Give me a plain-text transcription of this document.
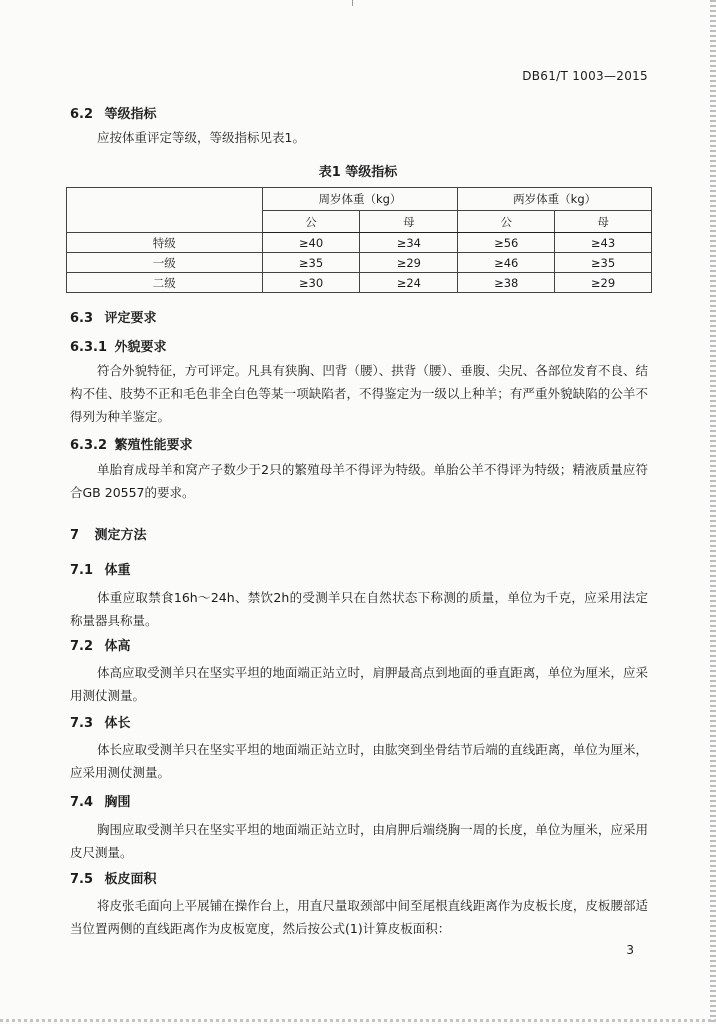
DB61/T 1003—2015
6.2 等级指标
应按体重评定等级，等级指标见表1。
表1 等级指标
	周岁体重（kg）		两岁体重（kg）	
	公	母	公	母
特级	≥40	≥34	≥56	≥43
一级	≥35	≥29	≥46	≥35
二级	≥30	≥24	≥38	≥29
6.3 评定要求
6.3.1 外貌要求
符合外貌特征，方可评定。凡具有狭胸、凹背（腰）、拱背（腰）、垂腹、尖尻、各部位发育不良、结构不佳、肢势不正和毛色非全白色等某一项缺陷者，不得鉴定为一级以上种羊；有严重外貌缺陷的公羊不得列为种羊鉴定。
6.3.2 繁殖性能要求
单胎育成母羊和窝产子数少于2只的繁殖母羊不得评为特级。单胎公羊不得评为特级；精液质量应符合GB 20557的要求。
7 测定方法
7.1 体重
体重应取禁食16h～24h、禁饮2h的受测羊只在自然状态下称测的质量，单位为千克，应采用法定称量器具称量。
7.2 体高
体高应取受测羊只在坚实平坦的地面端正站立时，肩胛最高点到地面的垂直距离，单位为厘米，应采用测仗测量。
7.3 体长
体长应取受测羊只在坚实平坦的地面端正站立时，由肱突到坐骨结节后端的直线距离，单位为厘米，应采用测仗测量。
7.4 胸围
胸围应取受测羊只在坚实平坦的地面端正站立时，由肩胛后端绕胸一周的长度，单位为厘米，应采用皮尺测量。
7.5 板皮面积
将皮张毛面向上平展铺在操作台上，用直尺量取颈部中间至尾根直线距离作为皮板长度，皮板腰部适当位置两侧的直线距离作为皮板宽度，然后按公式(1)计算皮板面积：
3
